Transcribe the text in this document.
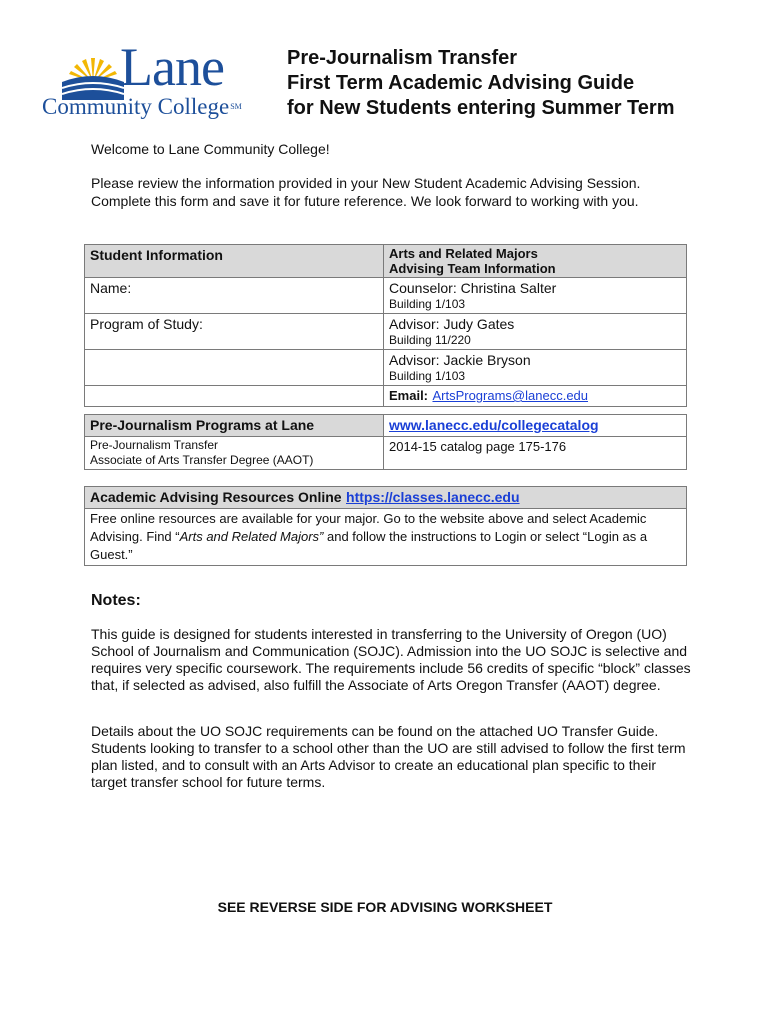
Lane
Community College℠
Pre-Journalism Transfer
First Term Academic Advising Guide
for New Students entering Summer Term
Welcome to Lane Community College!
Please review the information provided in your New Student Academic Advising Session. Complete this form and save it for future reference. We look forward to working with you.
Student Information	Arts and Related Majors
Advising Team Information

Name:	Counselor: Christina Salter
Building 1/103

Program of Study:	Advisor: Judy Gates
Building 11/220

	Advisor: Jackie Bryson
Building 1/103

	Email: ArtsPrograms@lanecc.edu
Pre-Journalism Programs at Lane	www.lanecc.edu/collegecatalog

Pre-Journalism Transfer
Associate of Arts Transfer Degree (AAOT)	2014-15 catalog page 175-176
Academic Advising Resources Online https://classes.lanecc.edu
Free online resources are available for your major. Go to the website above and select Academic Advising. Find “Arts and Related Majors” and follow the instructions to Login or select “Login as a Guest.”
Notes:
This guide is designed for students interested in transferring to the University of Oregon (UO) School of Journalism and Communication (SOJC). Admission into the UO SOJC is selective and requires very specific coursework. The requirements include 56 credits of specific “block” classes that, if selected as advised, also fulfill the Associate of Arts Oregon Transfer (AAOT) degree.
Details about the UO SOJC requirements can be found on the attached UO Transfer Guide. Students looking to transfer to a school other than the UO are still advised to follow the first term plan listed, and to consult with an Arts Advisor to create an educational plan specific to their target transfer school for future terms.
SEE REVERSE SIDE FOR ADVISING WORKSHEET
